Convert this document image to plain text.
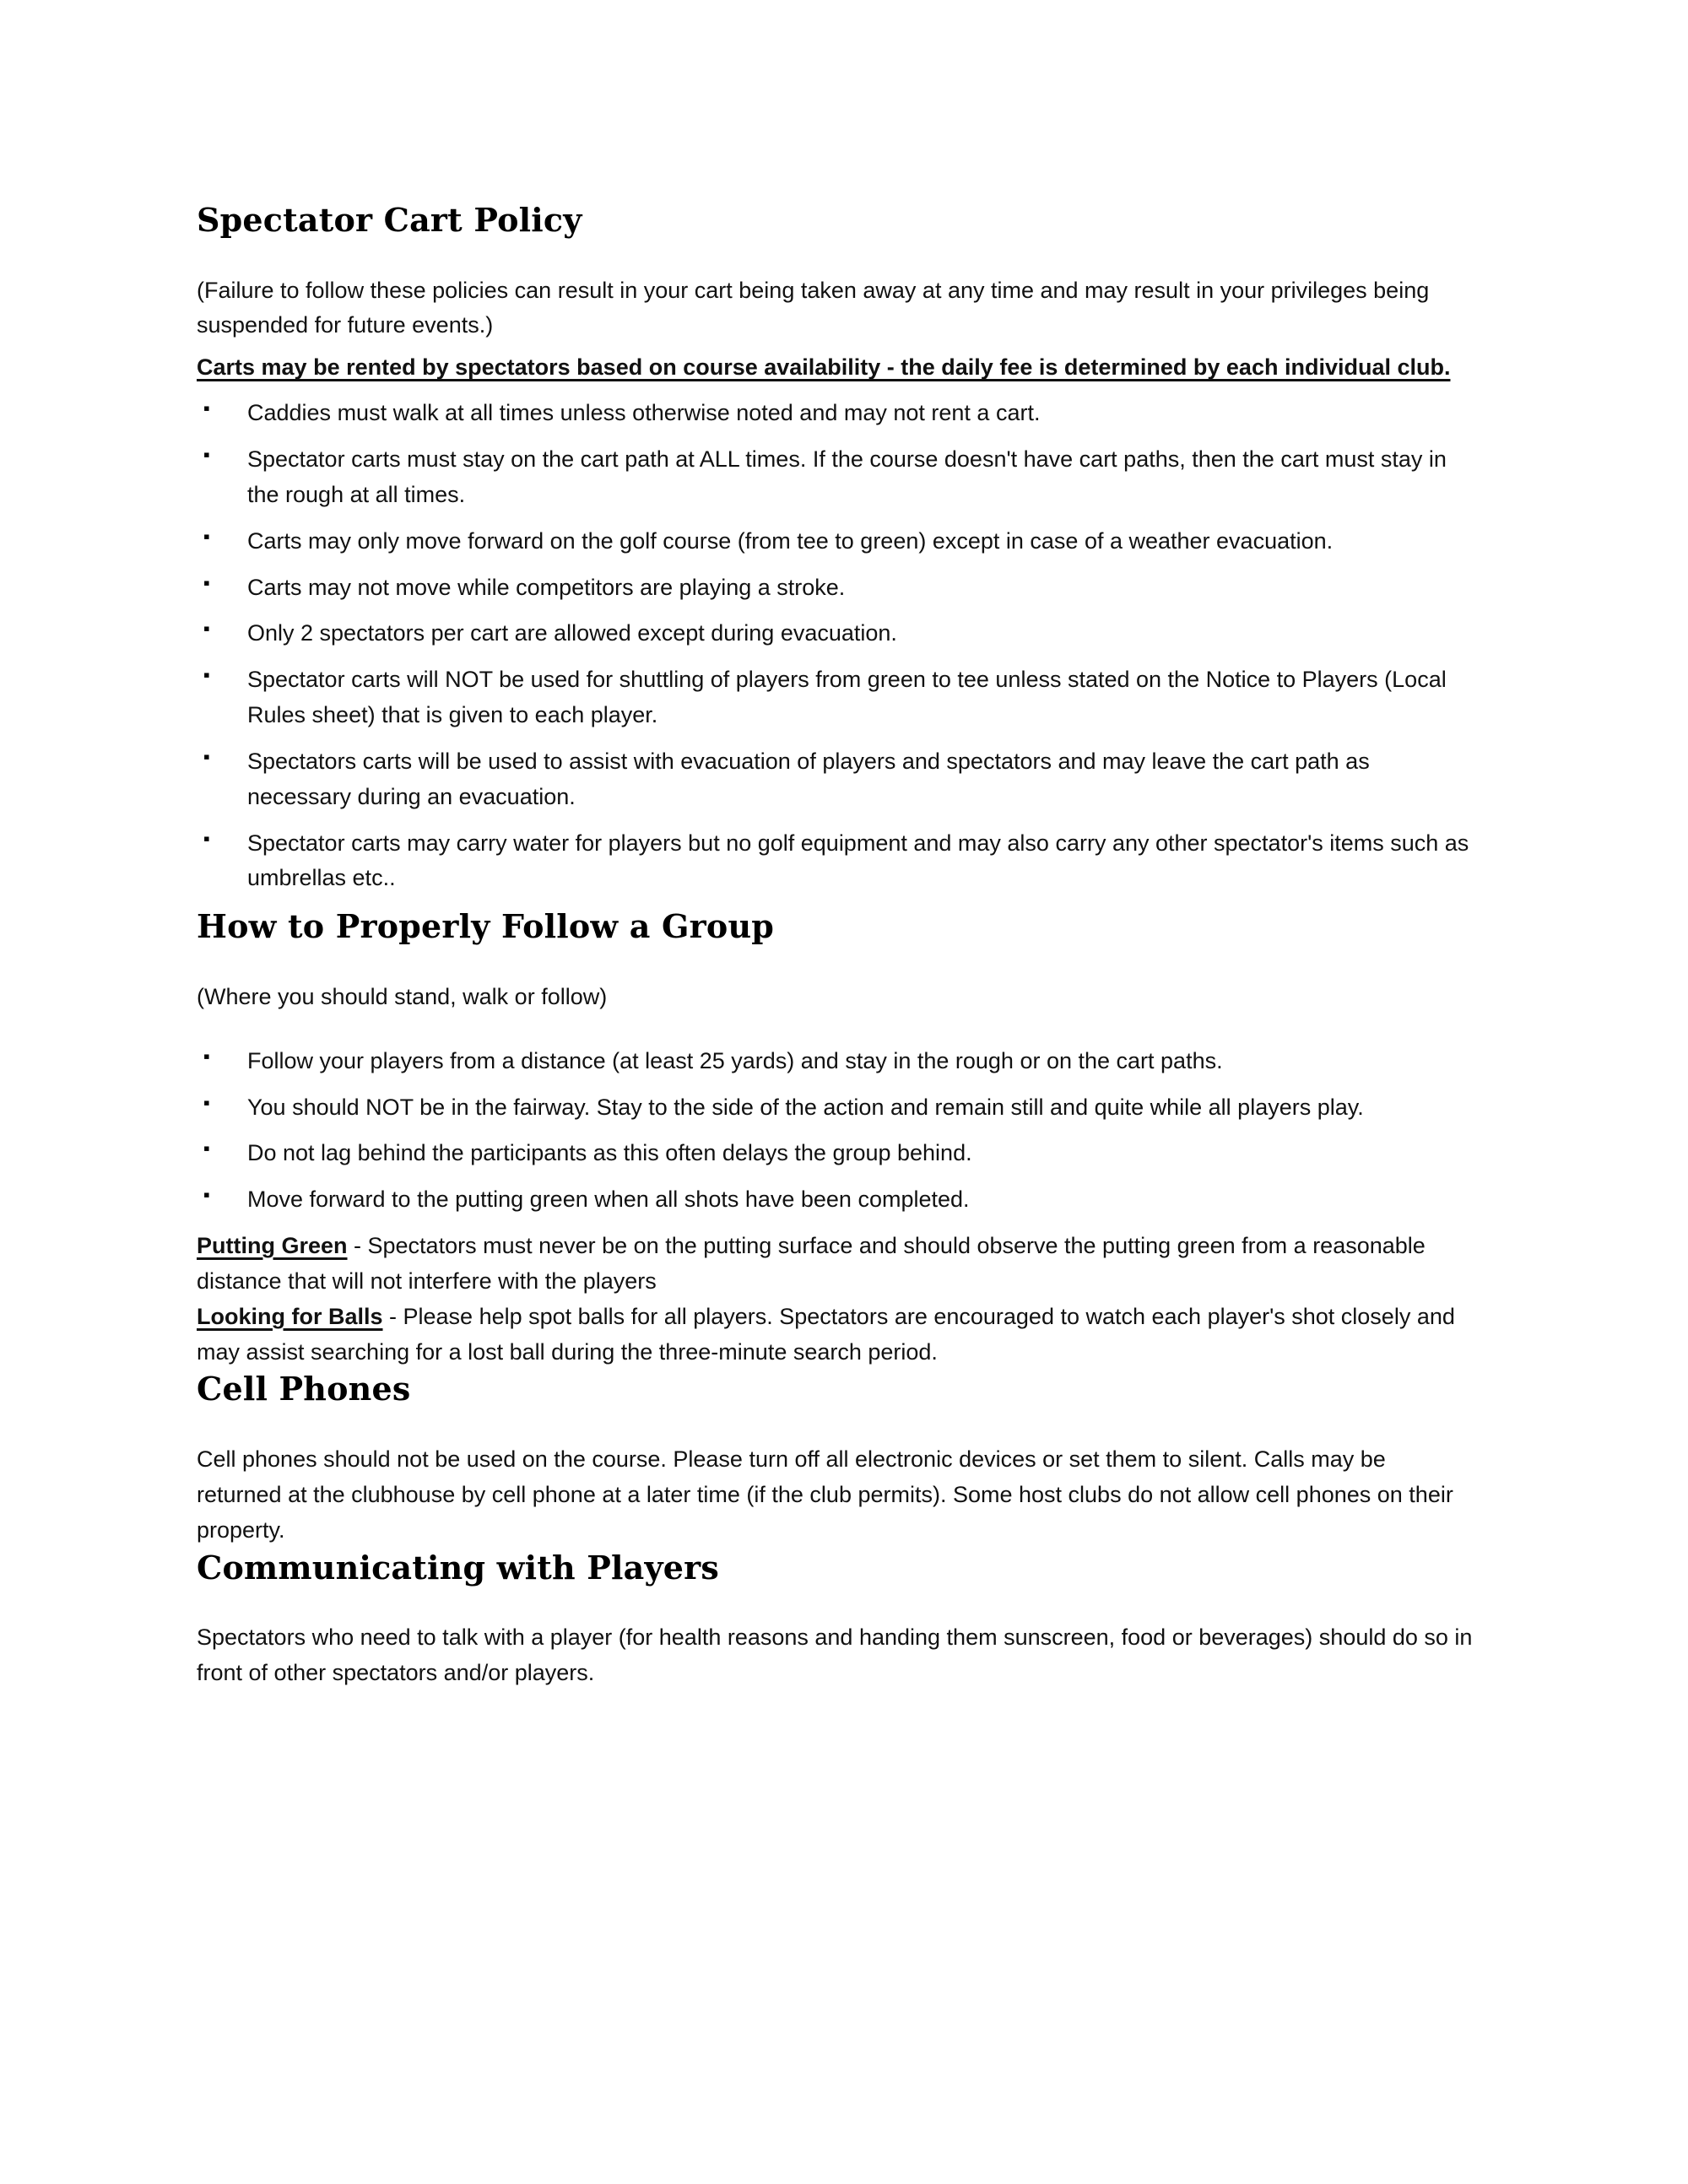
Spectator Cart Policy

(Failure to follow these policies can result in your cart being taken away at any time and may result in your privileges being suspended for future events.)

Carts may be rented by spectators based on course availability - the daily fee is determined by each individual club.

▪ Caddies must walk at all times unless otherwise noted and may not rent a cart.
▪ Spectator carts must stay on the cart path at ALL times. If the course doesn't have cart paths, then the cart must stay in the rough at all times.
▪ Carts may only move forward on the golf course (from tee to green) except in case of a weather evacuation.
▪ Carts may not move while competitors are playing a stroke.
▪ Only 2 spectators per cart are allowed except during evacuation.
▪ Spectator carts will NOT be used for shuttling of players from green to tee unless stated on the Notice to Players (Local Rules sheet) that is given to each player.
▪ Spectators carts will be used to assist with evacuation of players and spectators and may leave the cart path as necessary during an evacuation.
▪ Spectator carts may carry water for players but no golf equipment and may also carry any other spectator's items such as umbrellas etc..
How to Properly Follow a Group

(Where you should stand, walk or follow)

▪ Follow your players from a distance (at least 25 yards) and stay in the rough or on the cart paths.
▪ You should NOT be in the fairway. Stay to the side of the action and remain still and quite while all players play.
▪ Do not lag behind the participants as this often delays the group behind.
▪ Move forward to the putting green when all shots have been completed.

Putting Green - Spectators must never be on the putting surface and should observe the putting green from a reasonable distance that will not interfere with the players

Looking for Balls - Please help spot balls for all players. Spectators are encouraged to watch each player's shot closely and may assist searching for a lost ball during the three-minute search period.

Cell Phones

Cell phones should not be used on the course. Please turn off all electronic devices or set them to silent. Calls may be returned at the clubhouse by cell phone at a later time (if the club permits). Some host clubs do not allow cell phones on their property.

Communicating with Players

Spectators who need to talk with a player (for health reasons and handing them sunscreen, food or beverages) should do so in front of other spectators and/or players.
